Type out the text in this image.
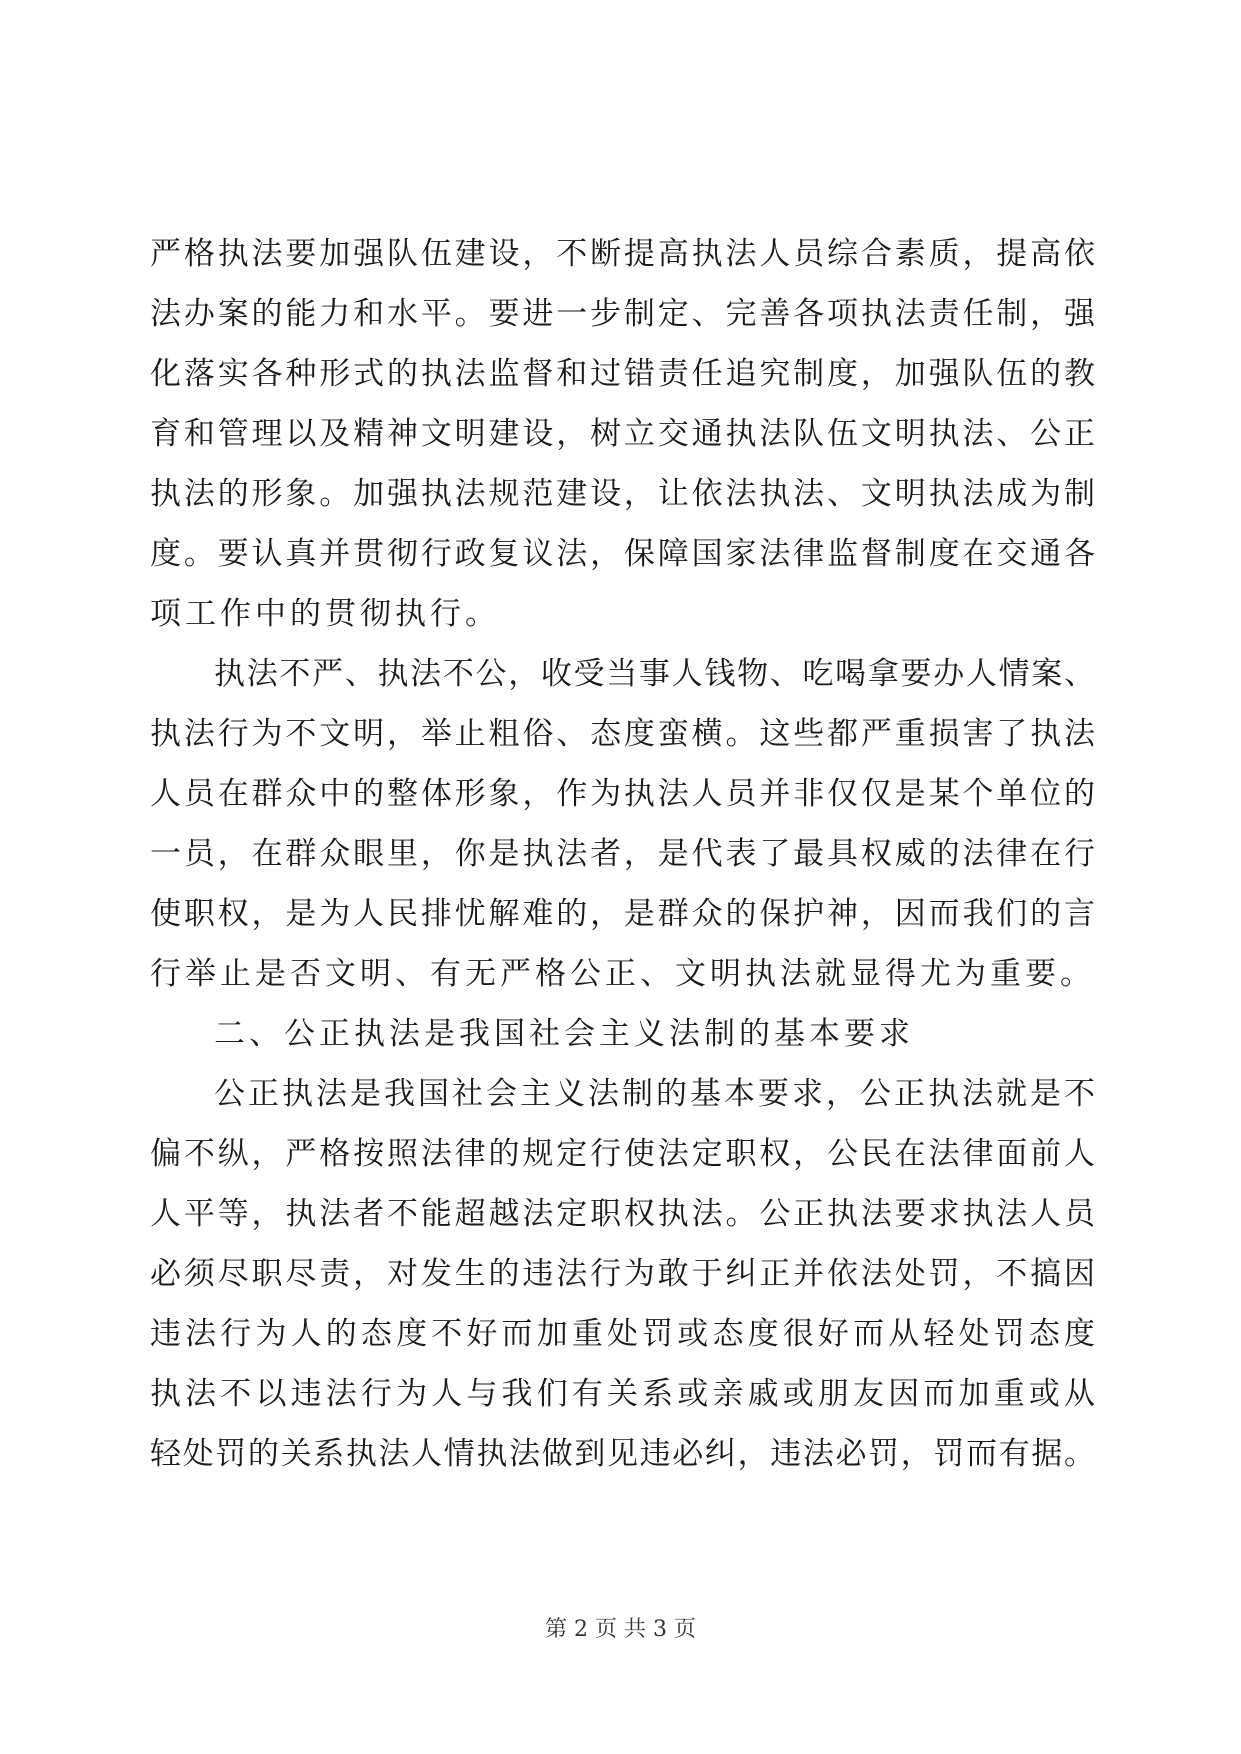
严格执法要加强队伍建设，不断提高执法人员综合素质，提高依
法办案的能力和水平。要进一步制定、完善各项执法责任制，强
化落实各种形式的执法监督和过错责任追究制度，加强队伍的教
育和管理以及精神文明建设，树立交通执法队伍文明执法、公正
执法的形象。加强执法规范建设，让依法执法、文明执法成为制
度。要认真并贯彻行政复议法，保障国家法律监督制度在交通各
项工作中的贯彻执行。
执法不严、执法不公，收受当事人钱物、吃喝拿要办人情案、
执法行为不文明，举止粗俗、态度蛮横。这些都严重损害了执法
人员在群众中的整体形象，作为执法人员并非仅仅是某个单位的
一员，在群众眼里，你是执法者，是代表了最具权威的法律在行
使职权，是为人民排忧解难的，是群众的保护神，因而我们的言
行举止是否文明、有无严格公正、文明执法就显得尤为重要。
二、公正执法是我国社会主义法制的基本要求
公正执法是我国社会主义法制的基本要求，公正执法就是不
偏不纵，严格按照法律的规定行使法定职权，公民在法律面前人
人平等，执法者不能超越法定职权执法。公正执法要求执法人员
必须尽职尽责，对发生的违法行为敢于纠正并依法处罚，不搞因
违法行为人的态度不好而加重处罚或态度很好而从轻处罚态度
执法不以违法行为人与我们有关系或亲戚或朋友因而加重或从
轻处罚的关系执法人情执法做到见违必纠，违法必罚，罚而有据。
第 2 页 共 3 页
